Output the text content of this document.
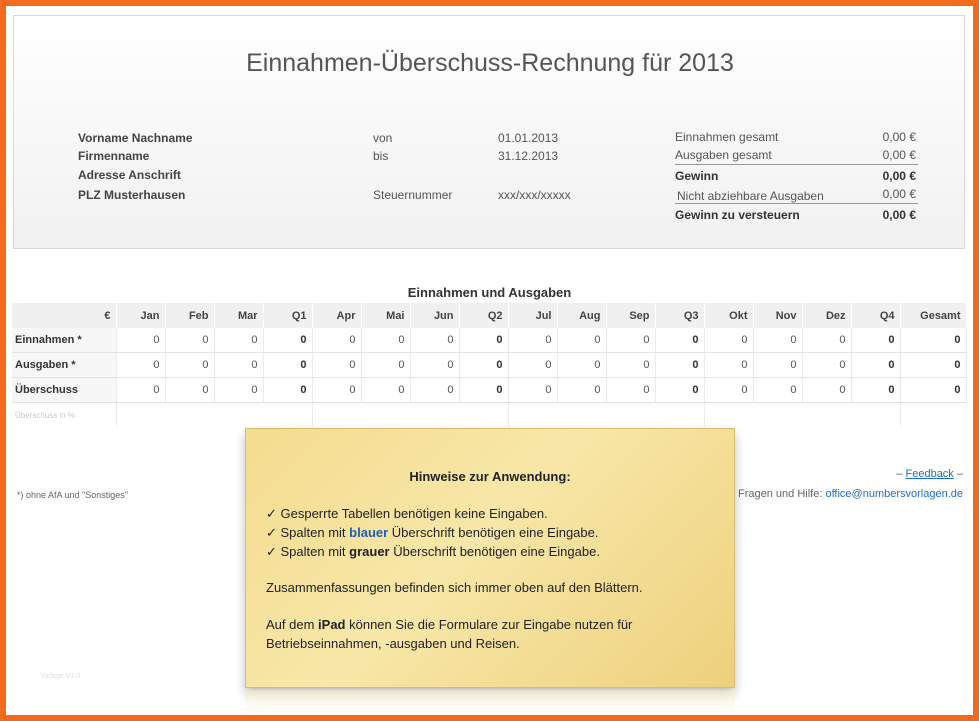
Einnahmen-Überschuss-Rechnung für 2013
Vorname Nachname
Firmenname
Adresse Anschrift
PLZ Musterhausen
von	01.01.2013
bis	31.12.2013
Steuernummer	xxx/xxx/xxxxx
Einnahmen gesamt	0,00 €
Ausgaben gesamt	0,00 €
Gewinn	0,00 €
Nicht abziehbare Ausgaben	0,00 €
Gewinn zu versteuern	0,00 €
Einnahmen und Ausgaben
€	Jan	Feb	Mar	Q1	Apr	Mai	Jun	Q2	Jul	Aug	Sep	Q3	Okt	Nov	Dez	Q4	Gesamt
Einnahmen *	0	0	0	0	0	0	0	0	0	0	0	0	0	0	0	0	0
Ausgaben *	0	0	0	0	0	0	0	0	0	0	0	0	0	0	0	0	0
Überschuss	0	0	0	0	0	0	0	0	0	0	0	0	0	0	0	0	0
Überschuss in %																	
*) ohne AfA und "Sonstiges"
– Feedback –
Fragen und Hilfe: office@numbersvorlagen.de
Vorlage V1.0
Hinweise zur Anwendung:
✓ Gesperrte Tabellen benötigen keine Eingaben.
✓ Spalten mit blauer Überschrift benötigen eine Eingabe.
✓ Spalten mit grauer Überschrift benötigen eine Eingabe.
Zusammenfassungen befinden sich immer oben auf den Blättern.
Auf dem iPad können Sie die Formulare zur Eingabe nutzen für
Betriebseinnahmen, -ausgaben und Reisen.
